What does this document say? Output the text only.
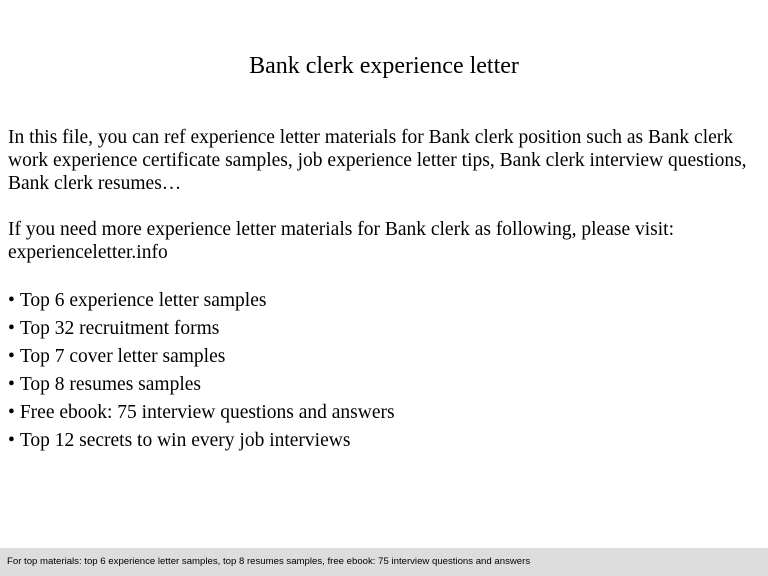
Bank clerk experience letter

In this file, you can ref experience letter materials for Bank clerk position such as Bank clerk work experience certificate samples, job experience letter tips, Bank clerk interview questions, Bank clerk resumes…

If you need more experience letter materials for Bank clerk as following, please visit: experienceletter.info

• Top 6 experience letter samples
• Top 32 recruitment forms
• Top 7 cover letter samples
• Top 8 resumes samples
• Free ebook: 75 interview questions and answers
• Top 12 secrets to win every job interviews
For top materials: top 6 experience letter samples, top 8 resumes samples, free ebook: 75 interview questions and answers
